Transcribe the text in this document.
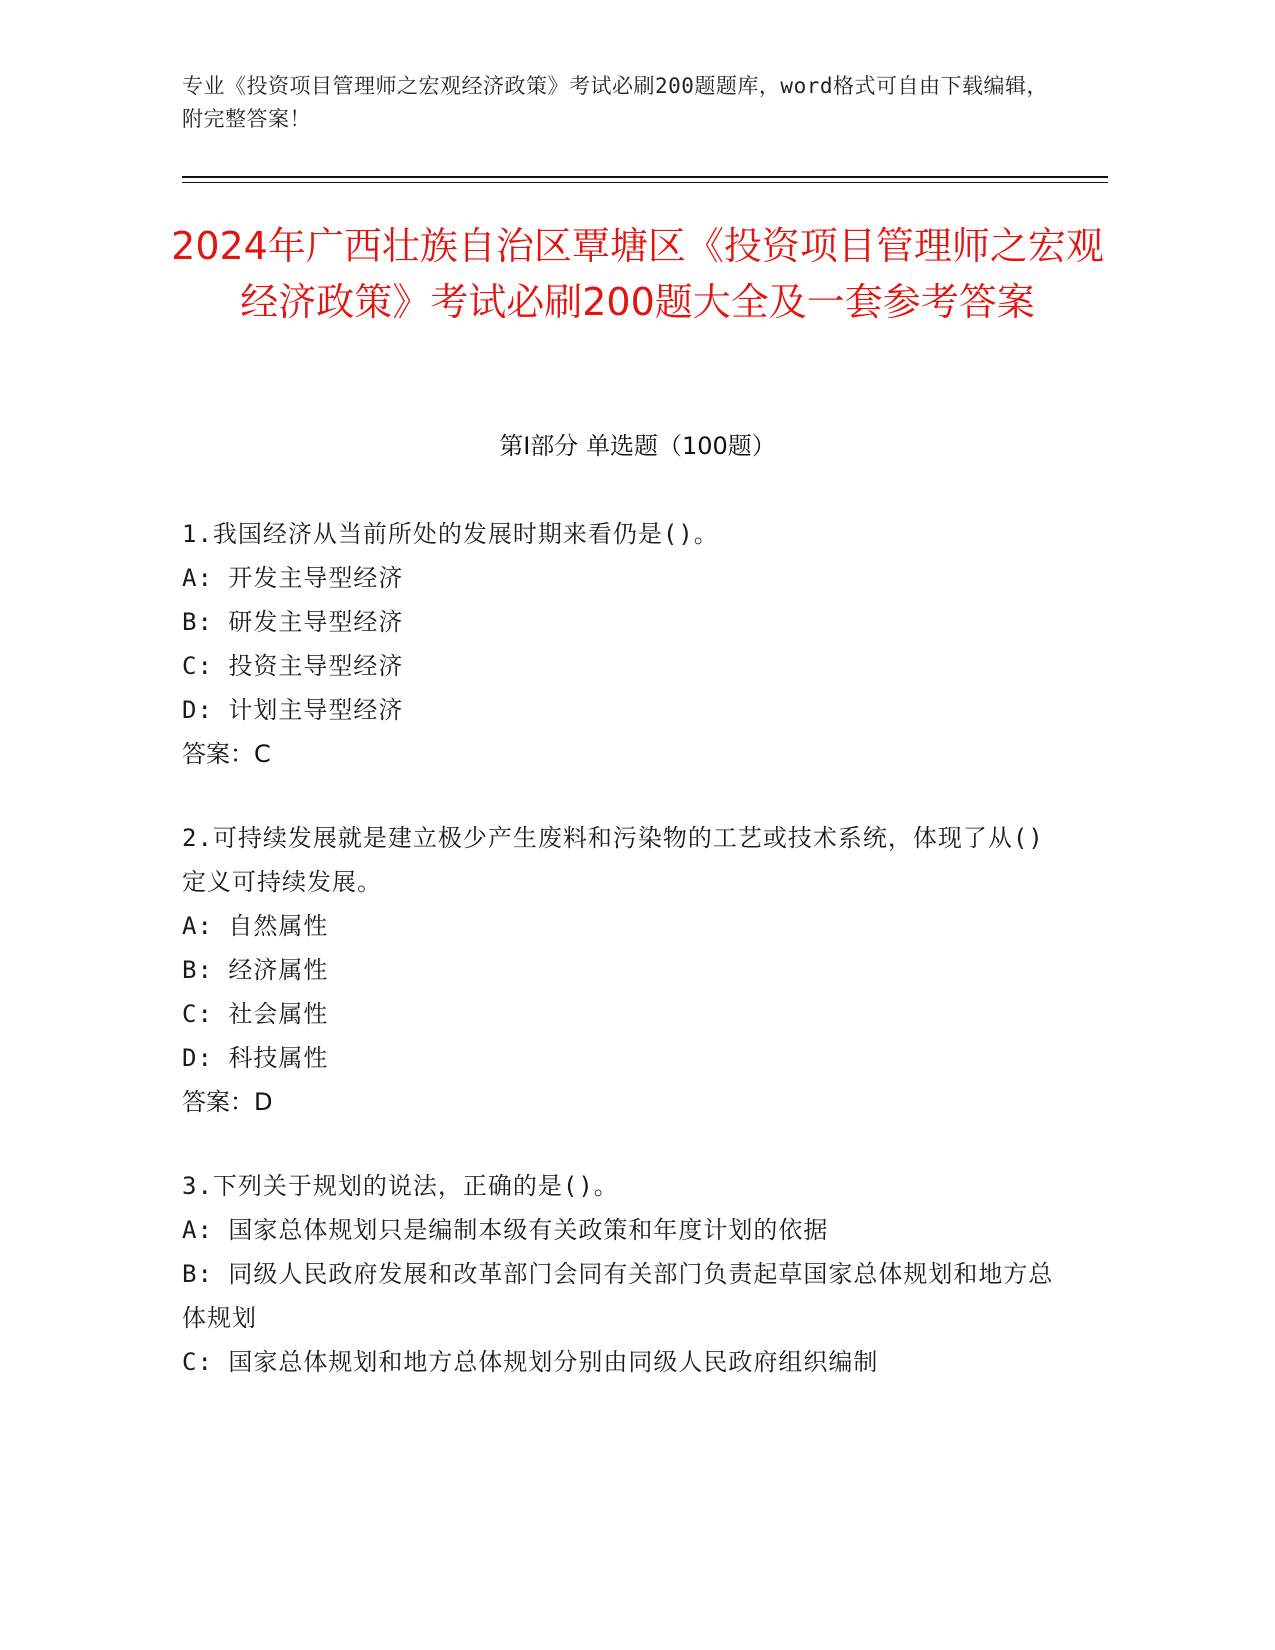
专业《投资项目管理师之宏观经济政策》考试必刷200题题库，word格式可自由下载编辑，附完整答案！
2024年广西壮族自治区覃塘区《投资项目管理师之宏观经济政策》考试必刷200题大全及一套参考答案
第Ⅰ部分 单选题（100题）

1.我国经济从当前所处的发展时期来看仍是()。

A: 开发主导型经济

B: 研发主导型经济

C: 投资主导型经济

D: 计划主导型经济

答案：C

2.可持续发展就是建立极少产生废料和污染物的工艺或技术系统，体现了从()定义可持续发展。

A: 自然属性

B: 经济属性

C: 社会属性

D: 科技属性

答案：D

3.下列关于规划的说法，正确的是()。

A: 国家总体规划只是编制本级有关政策和年度计划的依据

B: 同级人民政府发展和改革部门会同有关部门负责起草国家总体规划和地方总体规划

C: 国家总体规划和地方总体规划分别由同级人民政府组织编制
